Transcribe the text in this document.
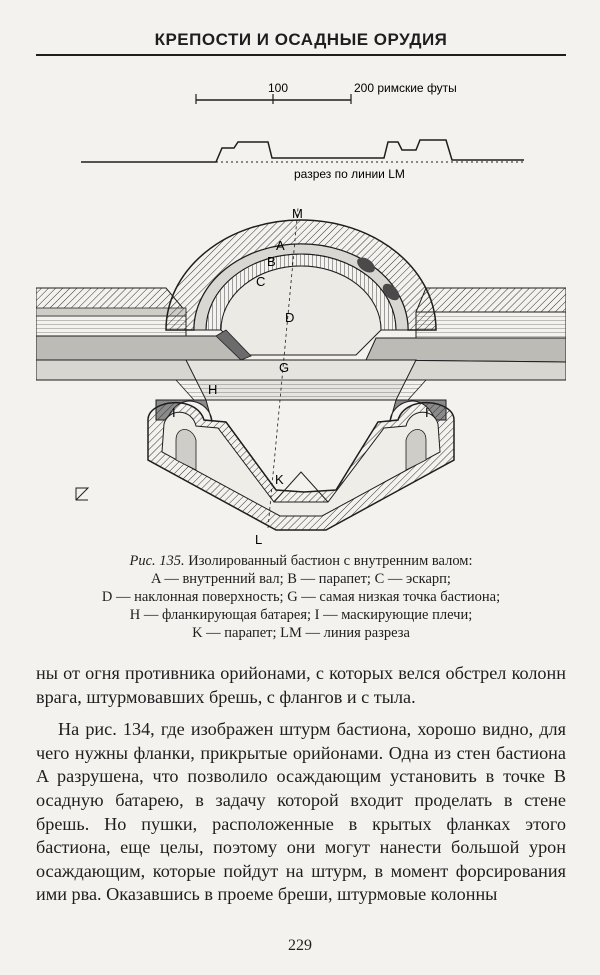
КРЕПОСТИ И ОСАДНЫЕ ОРУДИЯ
100	200 римские футы
разрез по линии LM
M
A
B
C
D
G
H
I	I
K
L
Рис. 135. Изолированный бастион с внутренним валом:
A — внутренний вал; B — парапет; C — эскарп;
D — наклонная поверхность; G — самая низкая точка бастиона;
H — фланкирующая батарея; I — маскирующие плечи;
K — парапет; LM — линия разреза

ны от огня противника орийонами, с которых велся обстрел колонн врага, штурмовавших брешь, с флангов и с тыла.

На рис. 134, где изображен штурм бастиона, хорошо видно, для чего нужны фланки, прикрытые орийонами. Одна из стен бастиона A разрушена, что позволило осаждающим установить в точке B осадную батарею, в задачу которой входит проделать в стене брешь. Но пушки, расположенные в крытых фланках этого бастиона, еще целы, поэтому они могут нанести большой урон осаждающим, которые пойдут на штурм, в момент форсирования ими рва. Оказавшись в проеме бреши, штурмовые колонны

229
